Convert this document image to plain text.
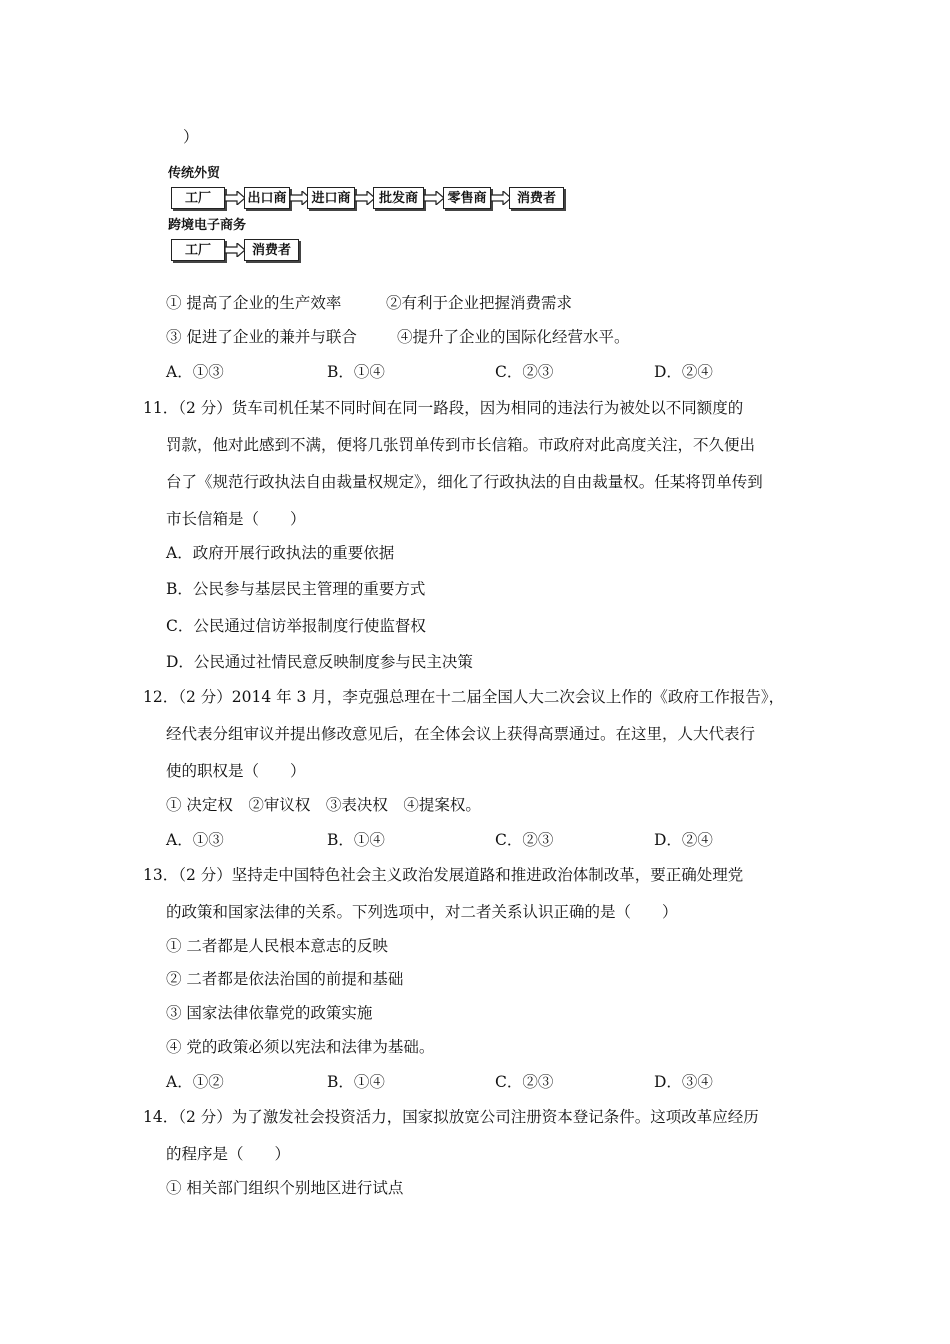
）
传统外贸
工厂	出口商	进口商	批发商	零售商	消费者
跨境电子商务
工厂	消费者
① 提高了企业的生产效率	②有利于企业把握消费需求
③ 促进了企业的兼并与联合	④提升了企业的国际化经营水平。
A．①③	B．①④	C．②③	D．②④
11．（2 分）货车司机任某不同时间在同一路段，因为相同的违法行为被处以不同额度的
罚款，他对此感到不满，便将几张罚单传到市长信箱。市政府对此高度关注，不久便出
台了《规范行政执法自由裁量权规定》，细化了行政执法的自由裁量权。任某将罚单传到
市长信箱是（　　）
A．政府开展行政执法的重要依据
B．公民参与基层民主管理的重要方式
C．公民通过信访举报制度行使监督权
D．公民通过社情民意反映制度参与民主决策
12．（2 分）2014 年 3 月，李克强总理在十二届全国人大二次会议上作的《政府工作报告》，
经代表分组审议并提出修改意见后，在全体会议上获得高票通过。在这里，人大代表行
使的职权是（　　）
① 决定权　②审议权　③表决权　④提案权。
A．①③	B．①④	C．②③	D．②④
13．（2 分）坚持走中国特色社会主义政治发展道路和推进政治体制改革，要正确处理党
的政策和国家法律的关系。下列选项中，对二者关系认识正确的是（　　）
① 二者都是人民根本意志的反映
② 二者都是依法治国的前提和基础
③ 国家法律依靠党的政策实施
④ 党的政策必须以宪法和法律为基础。
A．①②	B．①④	C．②③	D．③④
14．（2 分）为了激发社会投资活力，国家拟放宽公司注册资本登记条件。这项改革应经历
的程序是（　　）
① 相关部门组织个别地区进行试点
